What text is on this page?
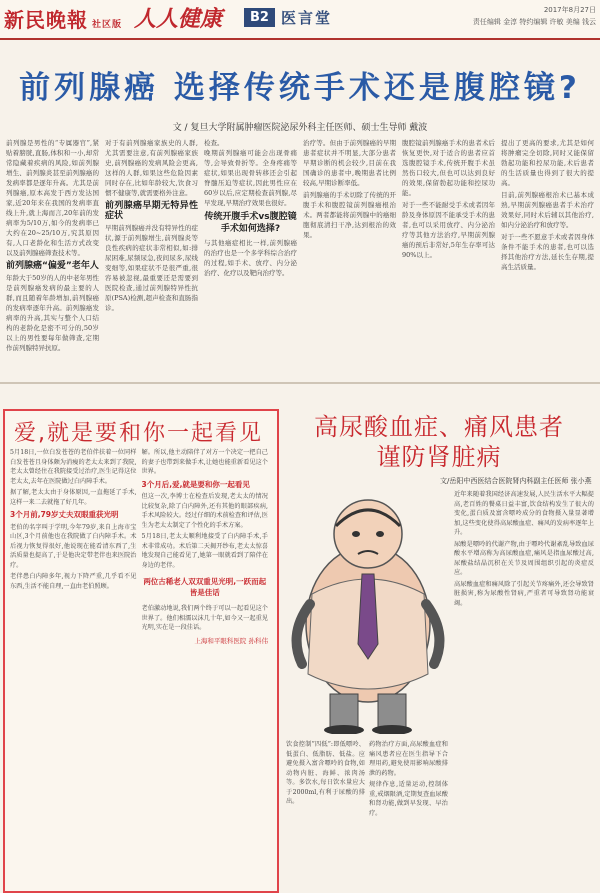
新民晚報 社区版 人人健康	B2 医言堂	2017年8月27日
责任编辑 金淳 特约编辑 许敏 美编 钱云
前列腺癌 选择传统手术还是腹腔镜?
文 / 复旦大学附属肿瘤医院泌尿外科主任医师、硕士生导师 戴波

前列腺是男性的“专属器官”,紧贴着膀胱,直肠,体积和一小,却常常隐藏着疾病的风险,如前列腺增生、前列腺炎甚至前列腺癌的发病率都是逐年升高。尤其是前列腺癌,原本高发于西方发达国家,近20年来在我国的发病率直线上升,就上海而言,20年前的发病率为5/10万,如今的发病率已大约在20~25/10万,究其原因有,人口老龄化和生活方式改变以及前列腺癌筛查技术等。

前列腺癌“偏爱”老年人

年龄大于50岁的人的中老年男性是前列腺癌发病的最主要的人群,而且随着年龄增加,前列腺癌的发病率逐年升高。前列腺癌发病率的升高,其实与整个人口结构的老龄化是密不可分的,50岁以上的男性要每年做筛查,定期作前列腺特异抗原。

对于有前列腺癌家族史的人群,尤其需要注意,有前列腺癌家族史,前列腺癌的发病风险会更高,这样的人群,如果这些危险因素同时存在,比如年龄较大,饮食习惯不健康等,就需要格外注意。

前列腺癌早期无特异性症状

早期前列腺癌并没有特异性的症状,源于前列腺增生,前列腺炎等良性疾病的症状非常相似,如:排尿困难,尿频尿急,夜间尿多,尿线变细等,如果症状不是很严重,很容易被忽视,最重要还是需要到医院检查,通过前列腺特异性抗原(PSA)检测,超声检查和直肠指诊。

检查。

晚期前列腺癌可能会出现骨痛等,会导致骨折等。全身疼痛等症状,如果出现骨转移还会引起脊髓压迫等症状,因此男性应在60岁以后,应定期检查前列腺,尽早发现,早期治疗效果也很好。

传统开腹手术vs腹腔镜手术如何选择?

与其他癌症相比一样,前列腺癌的治疗也是一个多学科综合治疗的过程,如手术、放疗、内分泌治疗、化疗以及靶向治疗等。

治疗等。但由于前列腺癌的早期患者症状并不明显,大部分患者早期诊断的机会较少,目前在我国确诊的患者中,晚期患者比例较高,早期诊断率低。

前列腺癌的手术切除了传统的开腹手术和腹腔镜前列腺癌根治术。两者都能将前列腺中的癌细胞彻底清扫干净,达到根治的效果。

腹腔镜前列腺癌手术的患者术后恢复更快,对于适合的患者应首选腹腔镜手术,传统开腹手术虽然伤口较大,但也可以达到良好的效果,保留勃起功能和控尿功能。

对于一些不能耐受手术或者因年龄及身体原因不能承受手术的患者,也可以采用放疗、内分泌治疗等其他方法治疗,早期前列腺癌的预后非常好,5年生存率可达90%以上。

提出了更高的要求,尤其是如何将肿瘤完全切除,同时又能保留勃起功能和控尿功能,术后患者的生活质量也得到了很大的提高。

目前,前列腺癌根治术已基本成熟,早期前列腺癌患者手术治疗效果好,同时术后辅以其他治疗,如内分泌治疗和放疗等。

对于一些不愿意手术或者因身体条件不能手术的患者,也可以选择其他治疗方法,延长生存期,提高生活质量。

爱,就是要和你一起看见

5月18日,一位白发苍苍的老伯伴扶着一位同样白发苍苍且身体颇为消瘦的老太太来到了我院,老太太曾经住在我院接受过治疗,医生记得这位老太太,去年在医院做过白内障手术。

据了解,老太太由于身体原因,一直拖延了手术,这样一来二去就拖了好几年。

3个月前,79岁丈夫双眼重获光明

老伯的名字叫于学明,今年79岁,来自上海市宝山区,3个月前他也在我院做了白内障手术。术后视力恢复得很好,他说现在能看清东西了,生活质量也提高了,于是他决定带老伴也来医院治疗。

老伴患白内障多年,视力下降严重,几乎看不见东西,生活不能自理,一直由老伯照顾。

解。所以,他主动陪伴了对方一个决定一把自己的妻子也带到来做手术,让她也能重新看见这个世界。

3个月后,爱,就是要和你一起看见

但这一次,李博士在检查后发现,老太太的情况比较复杂,除了白内障外,还有其他的眼部疾病,手术风险较大。经过仔细的术前检查和评估,医生为老太太制定了个性化的手术方案。

5月18日,老太太顺利地接受了白内障手术,手术非常成功。术后第二天揭开纱布,老太太惊喜地发现自己能看见了,她第一眼就看到了陪伴在身边的老伴。

两位古稀老人双双重见光明,一跃而起皆是佳话

老伯激动地说,我们两个终于可以一起看见这个世界了。他们相濡以沫几十年,如今又一起重见光明,实在是一段佳话。

上海和平眼科医院 孙科伟
高尿酸血症、痛风患者
谨防肾脏病
文/岳阳中西医结合医院肾内科副主任医师 张小燕

近年来随着我国经济高速发展,人民生活水平大幅提高,老百姓的餐桌日益丰富,饮食结构发生了很大的变化,蛋白质及富含嘌呤成分的食物摄入量显著增加,这些变化使得高尿酸血症、痛风的发病率逐年上升。

尿酸是嘌呤的代谢产物,由于嘌呤代谢紊乱导致血尿酸水平增高称为高尿酸血症,痛风是指血尿酸过高,尿酸盐结晶沉积在关节及周围组织引起的炎症反应。

高尿酸血症和痛风除了引起关节疼痛外,还会导致肾脏损害,称为尿酸性肾病,严重者可导致肾功能衰竭。

饮食控制”四低”:即低嘌呤、低蛋白、低脂肪、低盐。应避免摄入富含嘌呤的食物,如动物内脏、海鲜、浓肉汤等。多饮水,每日饮水量应大于2000ml,有利于尿酸的排出。

药物治疗方面,高尿酸血症和痛风患者应在医生指导下合理用药,避免使用影响尿酸排泄的药物。

规律作息,适量运动,控制体重,戒烟限酒,定期复查血尿酸和肾功能,做到早发现、早治疗。
